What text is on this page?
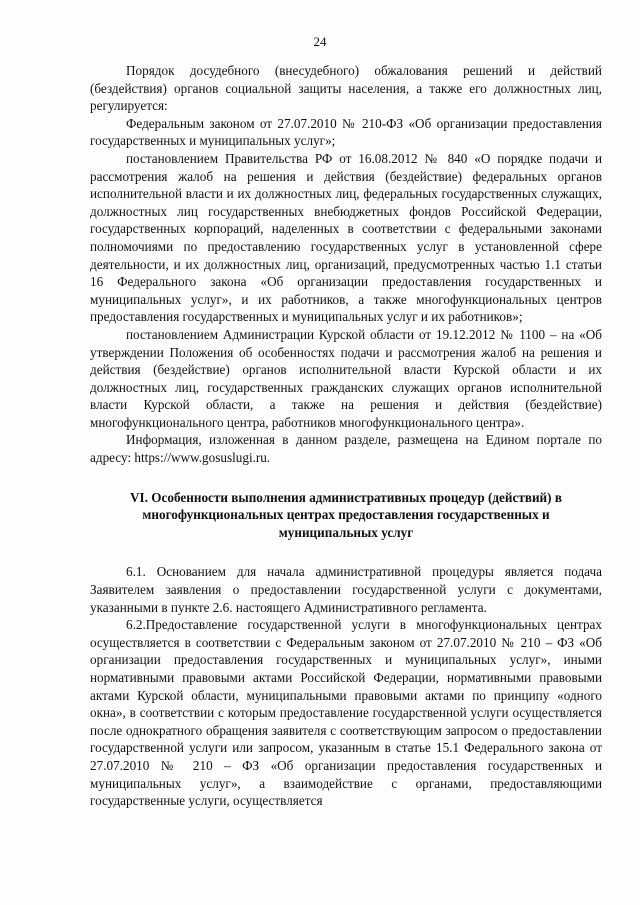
24

Порядок досудебного (внесудебного) обжалования решений и действий (бездействия) органов социальной защиты населения, а также его должностных лиц, регулируется:

Федеральным законом от 27.07.2010 № 210-ФЗ «Об организации предоставления государственных и муниципальных услуг»;

постановлением Правительства РФ от 16.08.2012 № 840 «О порядке подачи и рассмотрения жалоб на решения и действия (бездействие) федеральных органов исполнительной власти и их должностных лиц, федеральных государственных служащих, должностных лиц государственных внебюджетных фондов Российской Федерации, государственных корпораций, наделенных в соответствии с федеральными законами полномочиями по предоставлению государственных услуг в установленной сфере деятельности, и их должностных лиц, организаций, предусмотренных частью 1.1 статьи 16 Федерального закона «Об организации предоставления государственных и муниципальных услуг», и их работников, а также многофункциональных центров предоставления государственных и муниципальных услуг и их работников»;

постановлением Администрации Курской области от 19.12.2012 № 1100 – на «Об утверждении Положения об особенностях подачи и рассмотрения жалоб на решения и действия (бездействие) органов исполнительной власти Курской области и их должностных лиц, государственных гражданских служащих органов исполнительной власти Курской области, а также на решения и действия (бездействие) многофункционального центра, работников многофункционального центра».

Информация, изложенная в данном разделе, размещена на Едином портале по адресу: https://www.gosuslugi.ru.

VI. Особенности выполнения административных процедур (действий) в многофункциональных центрах предоставления государственных и муниципальных услуг

6.1. Основанием для начала административной процедуры является подача Заявителем заявления о предоставлении государственной услуги с документами, указанными в пункте 2.6. настоящего Административного регламента.

6.2.Предоставление государственной услуги в многофункциональных центрах осуществляется в соответствии с Федеральным законом от 27.07.2010 № 210 – ФЗ «Об организации предоставления государственных и муниципальных услуг», иными нормативными правовыми актами Российской Федерации, нормативными правовыми актами Курской области, муниципальными правовыми актами по принципу «одного окна», в соответствии с которым предоставление государственной услуги осуществляется после однократного обращения заявителя с соответствующим запросом о предоставлении государственной услуги или запросом, указанным в статье 15.1 Федерального закона от 27.07.2010 № 210 – ФЗ «Об организации предоставления государственных и муниципальных услуг», а взаимодействие с органами, предоставляющими государственные услуги, осуществляется
